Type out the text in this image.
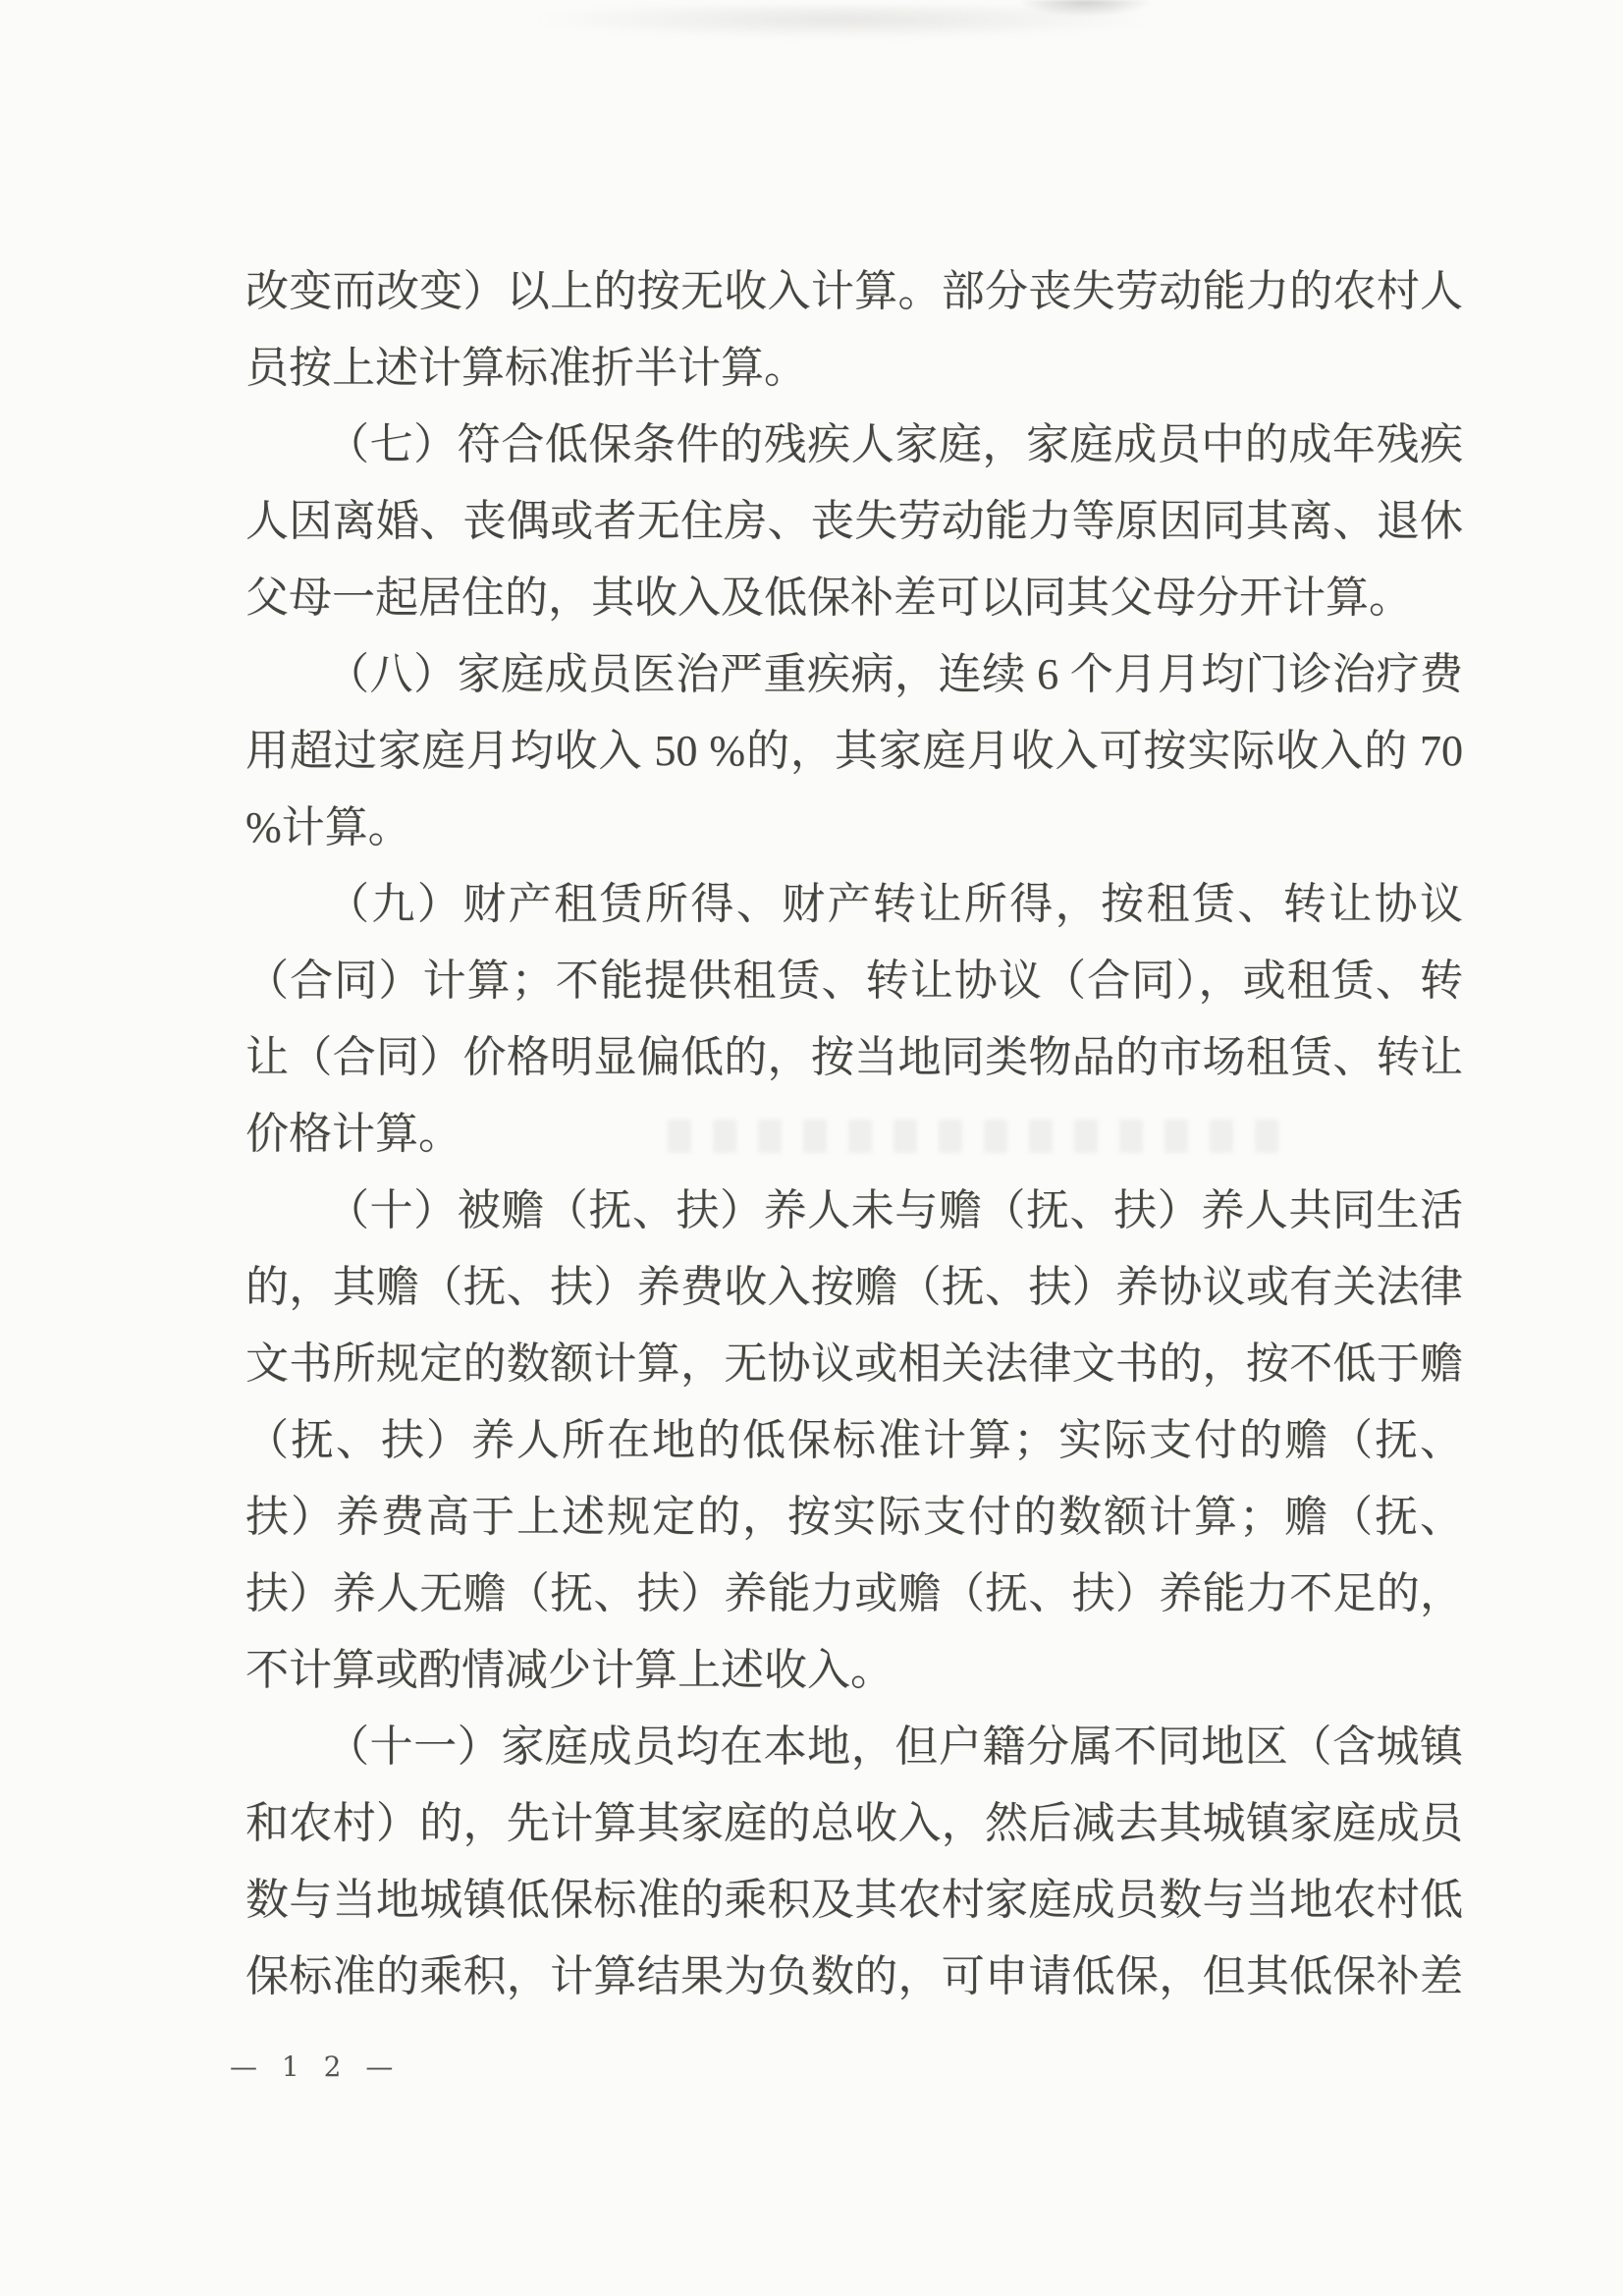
改变而改变）以上的按无收入计算。部分丧失劳动能力的农村人
员按上述计算标准折半计算。
（七）符合低保条件的残疾人家庭，家庭成员中的成年残疾
人因离婚、丧偶或者无住房、丧失劳动能力等原因同其离、退休
父母一起居住的，其收入及低保补差可以同其父母分开计算。
（八）家庭成员医治严重疾病，连续 6 个月月均门诊治疗费
用超过家庭月均收入 50 %的，其家庭月收入可按实际收入的 70
%计算。
（九）财产租赁所得、财产转让所得，按租赁、转让协议
（合同）计算；不能提供租赁、转让协议（合同），或租赁、转
让（合同）价格明显偏低的，按当地同类物品的市场租赁、转让
价格计算。
（十）被赡（抚、扶）养人未与赡（抚、扶）养人共同生活
的，其赡（抚、扶）养费收入按赡（抚、扶）养协议或有关法律
文书所规定的数额计算，无协议或相关法律文书的，按不低于赡
（抚、扶）养人所在地的低保标准计算；实际支付的赡（抚、
扶）养费高于上述规定的，按实际支付的数额计算；赡（抚、
扶）养人无赡（抚、扶）养能力或赡（抚、扶）养能力不足的，
不计算或酌情减少计算上述收入。
（十一）家庭成员均在本地，但户籍分属不同地区（含城镇
和农村）的，先计算其家庭的总收入，然后减去其城镇家庭成员
数与当地城镇低保标准的乘积及其农村家庭成员数与当地农村低
保标准的乘积，计算结果为负数的，可申请低保，但其低保补差
— 1 2 —
